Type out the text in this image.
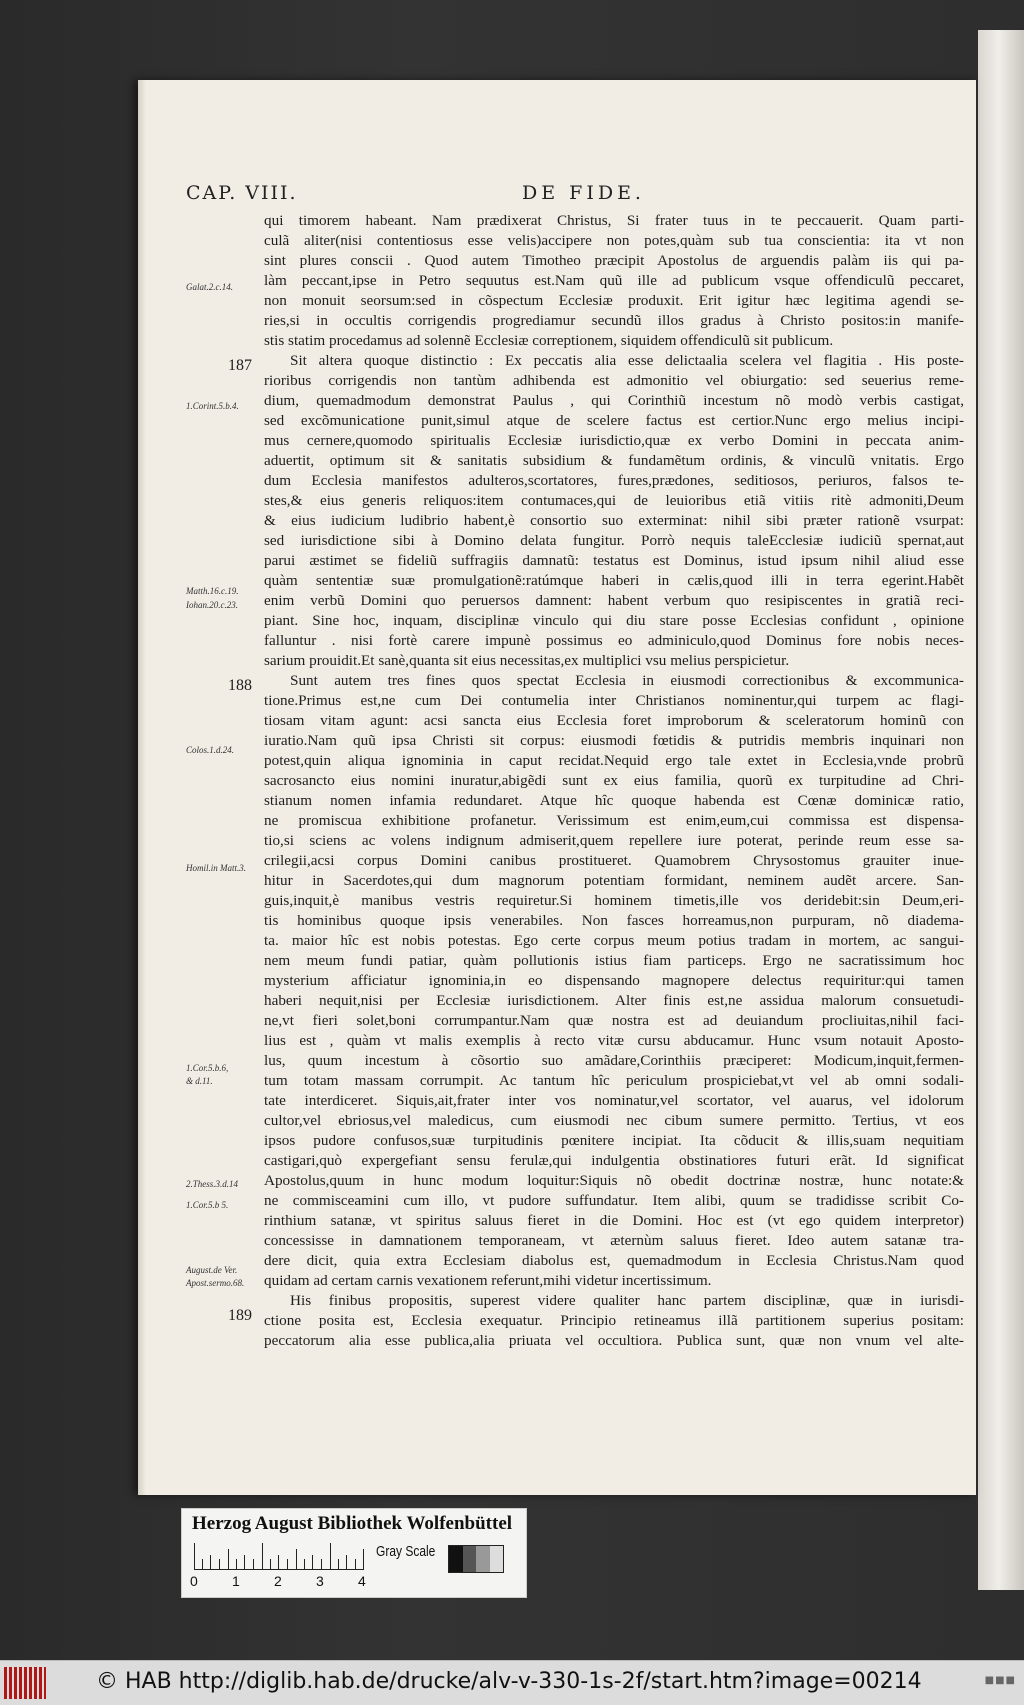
CAP. VIII.	DE FIDE.
Galat.2.c.14.
1.Corint.5.b.4.
Matth.16.c.19.
Iohan.20.c.23.
Colos.1.d.24.
Homil.in Matt.3.
1.Cor.5.b.6,
& d.11.
2.Thess.3.d.14
1.Cor.5.b 5.
August.de Ver.
Apost.sermo.68.
187
188
189
qui timorem habeant. Nam prædixerat Christus, Si frater tuus in te peccauerit. Quam parti-
culã aliter(nisi contentiosus esse velis)accipere non potes,quàm sub tua conscientia: ita vt non
sint plures conscii . Quod autem Timotheo præcipit Apostolus de arguendis palàm iis qui pa-
làm peccant,ipse in Petro sequutus est.Nam quũ ille ad publicum vsque offendiculũ peccaret,
non monuit seorsum:sed in cõspectum Ecclesiæ produxit. Erit igitur hæc legitima agendi se-
ries,si in occultis corrigendis progrediamur secundũ illos gradus à Christo positos:in manife-
stis statim procedamus ad solennẽ Ecclesiæ correptionem, siquidem offendiculũ sit publicum.
Sit altera quoque distinctio : Ex peccatis alia esse delictaalia scelera vel flagitia . His poste-
rioribus corrigendis non tantùm adhibenda est admonitio vel obiurgatio: sed seuerius reme-
dium, quemadmodum demonstrat Paulus , qui Corinthiũ incestum nõ modò verbis castigat,
sed excõmunicatione punit,simul atque de scelere factus est certior.Nunc ergo melius incipi-
mus cernere,quomodo spiritualis Ecclesiæ iurisdictio,quæ ex verbo Domini in peccata anim-
aduertit, optimum sit & sanitatis subsidium & fundamẽtum ordinis, & vinculũ vnitatis. Ergo
dum Ecclesia manifestos adulteros,scortatores, fures,prædones, seditiosos, periuros, falsos te-
stes,& eius generis reliquos:item contumaces,qui de leuioribus etiã vitiis ritè admoniti,Deum
& eius iudicium ludibrio habent,è consortio suo exterminat: nihil sibi præter rationẽ vsurpat:
sed iurisdictione sibi à Domino delata fungitur. Porrò nequis taleEcclesiæ iudiciũ spernat,aut
parui æstimet se fideliũ suffragiis damnatũ: testatus est Dominus, istud ipsum nihil aliud esse
quàm sententiæ suæ promulgationẽ:ratúmque haberi in cælis,quod illi in terra egerint.Habẽt
enim verbũ Domini quo peruersos damnent: habent verbum quo resipiscentes in gratiã reci-
piant. Sine hoc, inquam, disciplinæ vinculo qui diu stare posse Ecclesias confidunt , opinione
falluntur . nisi fortè carere impunè possimus eo adminiculo,quod Dominus fore nobis neces-
sarium prouidit.Et sanè,quanta sit eius necessitas,ex multiplici vsu melius perspicietur.
Sunt autem tres fines quos spectat Ecclesia in eiusmodi correctionibus & excommunica-
tione.Primus est,ne cum Dei contumelia inter Christianos nominentur,qui turpem ac flagi-
tiosam vitam agunt: acsi sancta eius Ecclesia foret improborum & sceleratorum hominũ con
iuratio.Nam quũ ipsa Christi sit corpus: eiusmodi fœtidis & putridis membris inquinari non
potest,quin aliqua ignominia in caput recidat.Nequid ergo tale extet in Ecclesia,vnde probrũ
sacrosancto eius nomini inuratur,abigẽdi sunt ex eius familia, quorũ ex turpitudine ad Chri-
stianum nomen infamia redundaret. Atque hîc quoque habenda est Cœnæ dominicæ ratio,
ne promiscua exhibitione profanetur. Verissimum est enim,eum,cui commissa est dispensa-
tio,si sciens ac volens indignum admiserit,quem repellere iure poterat, perinde reum esse sa-
crilegii,acsi corpus Domini canibus prostitueret. Quamobrem Chrysostomus grauiter inue-
hitur in Sacerdotes,qui dum magnorum potentiam formidant, neminem audẽt arcere. San-
guis,inquit,è manibus vestris requiretur.Si hominem timetis,ille vos deridebit:sin Deum,eri-
tis hominibus quoque ipsis venerabiles. Non fasces horreamus,non purpuram, nõ diadema-
ta. maior hîc est nobis potestas. Ego certe corpus meum potius tradam in mortem, ac sangui-
nem meum fundi patiar, quàm pollutionis istius fiam particeps. Ergo ne sacratissimum hoc
mysterium afficiatur ignominia,in eo dispensando magnopere delectus requiritur:qui tamen
haberi nequit,nisi per Ecclesiæ iurisdictionem. Alter finis est,ne assidua malorum consuetudi-
ne,vt fieri solet,boni corrumpantur.Nam quæ nostra est ad deuiandum procliuitas,nihil faci-
lius est , quàm vt malis exemplis à recto vitæ cursu abducamur. Hunc vsum notauit Aposto-
lus, quum incestum à cõsortio suo amãdare,Corinthiis præciperet: Modicum,inquit,fermen-
tum totam massam corrumpit. Ac tantum hîc periculum prospiciebat,vt vel ab omni sodali-
tate interdiceret. Siquis,ait,frater inter vos nominatur,vel scortator, vel auarus, vel idolorum
cultor,vel ebriosus,vel maledicus, cum eiusmodi nec cibum sumere permitto. Tertius, vt eos
ipsos pudore confusos,suæ turpitudinis pœnitere incipiat. Ita cõducit & illis,suam nequitiam
castigari,quò expergefiant sensu ferulæ,qui indulgentia obstinatiores futuri erãt. Id significat
Apostolus,quum in hunc modum loquitur:Siquis nõ obedit doctrinæ nostræ, hunc notate:&
ne commisceamini cum illo, vt pudore suffundatur. Item alibi, quum se tradidisse scribit Co-
rinthium satanæ, vt spiritus saluus fieret in die Domini. Hoc est (vt ego quidem interpretor)
concessisse in damnationem temporaneam, vt æternùm saluus fieret. Ideo autem satanæ tra-
dere dicit, quia extra Ecclesiam diabolus est, quemadmodum in Ecclesia Christus.Nam quod
quidam ad certam carnis vexationem referunt,mihi videtur incertissimum.
His finibus propositis, superest videre qualiter hanc partem disciplinæ, quæ in iurisdi-
ctione posita est, Ecclesia exequatur. Principio retineamus illã partitionem superius positam:
peccatorum alia esse publica,alia priuata vel occultiora. Publica sunt, quæ non vnum vel alte-
Herzog August Bibliothek Wolfenbüttel
0 1 2 3 4
Gray Scale
© HAB http://diglib.hab.de/drucke/alv-v-330-1s-2f/start.htm?image=00214	■■■
